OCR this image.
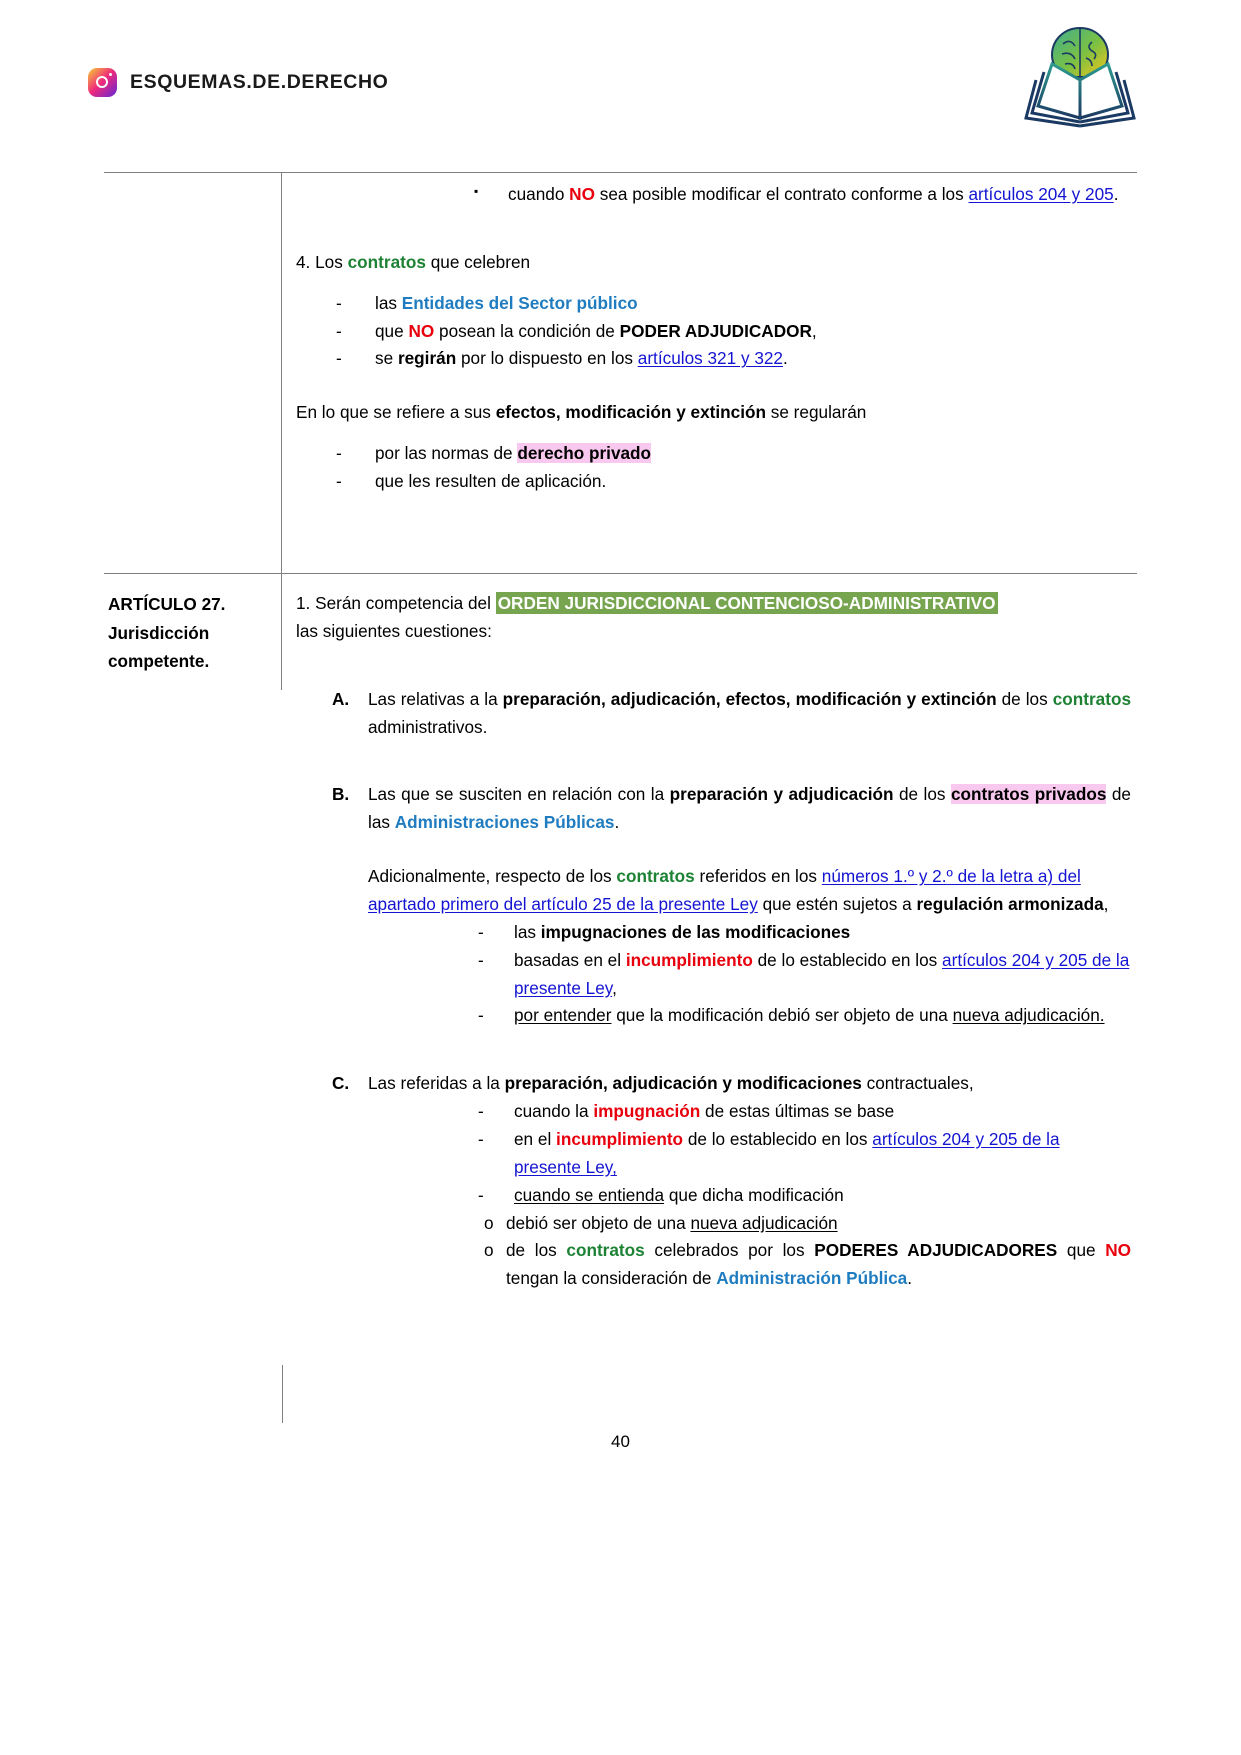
ESQUEMAS.DE.DERECHO

▪ cuando NO sea posible modificar el contrato conforme a los artículos 204 y 205.

4. Los contratos que celebren

- las Entidades del Sector público
- que NO posean la condición de PODER ADJUDICADOR,
- se regirán por lo dispuesto en los artículos 321 y 322.

En lo que se refiere a sus efectos, modificación y extinción se regularán

- por las normas de derecho privado
- que les resulten de aplicación.

ARTÍCULO 27.

Jurisdicción

competente.

1. Serán competencia del ORDEN JURISDICCIONAL CONTENCIOSO-ADMINISTRATIVO
las siguientes cuestiones:

A. Las relativas a la preparación, adjudicación, efectos, modificación y extinción de los contratos administrativos.
B. Las que se susciten en relación con la preparación y adjudicación de los contratos privados de las Administraciones Públicas.

Adicionalmente, respecto de los contratos referidos en los números 1.º y 2.º de la letra a) del apartado primero del artículo 25 de la presente Ley que estén sujetos a regulación armonizada,

- las impugnaciones de las modificaciones
- basadas en el incumplimiento de lo establecido en los artículos 204 y 205 de la presente Ley,
- por entender que la modificación debió ser objeto de una nueva adjudicación.
C. Las referidas a la preparación, adjudicación y modificaciones contractuales,
- cuando la impugnación de estas últimas se base
- en el incumplimiento de lo establecido en los artículos 204 y 205 de la presente Ley,
- cuando se entienda que dicha modificación
o debió ser objeto de una nueva adjudicación
o de los contratos celebrados por los PODERES ADJUDICADORES que NO tengan la consideración de Administración Pública.
40
